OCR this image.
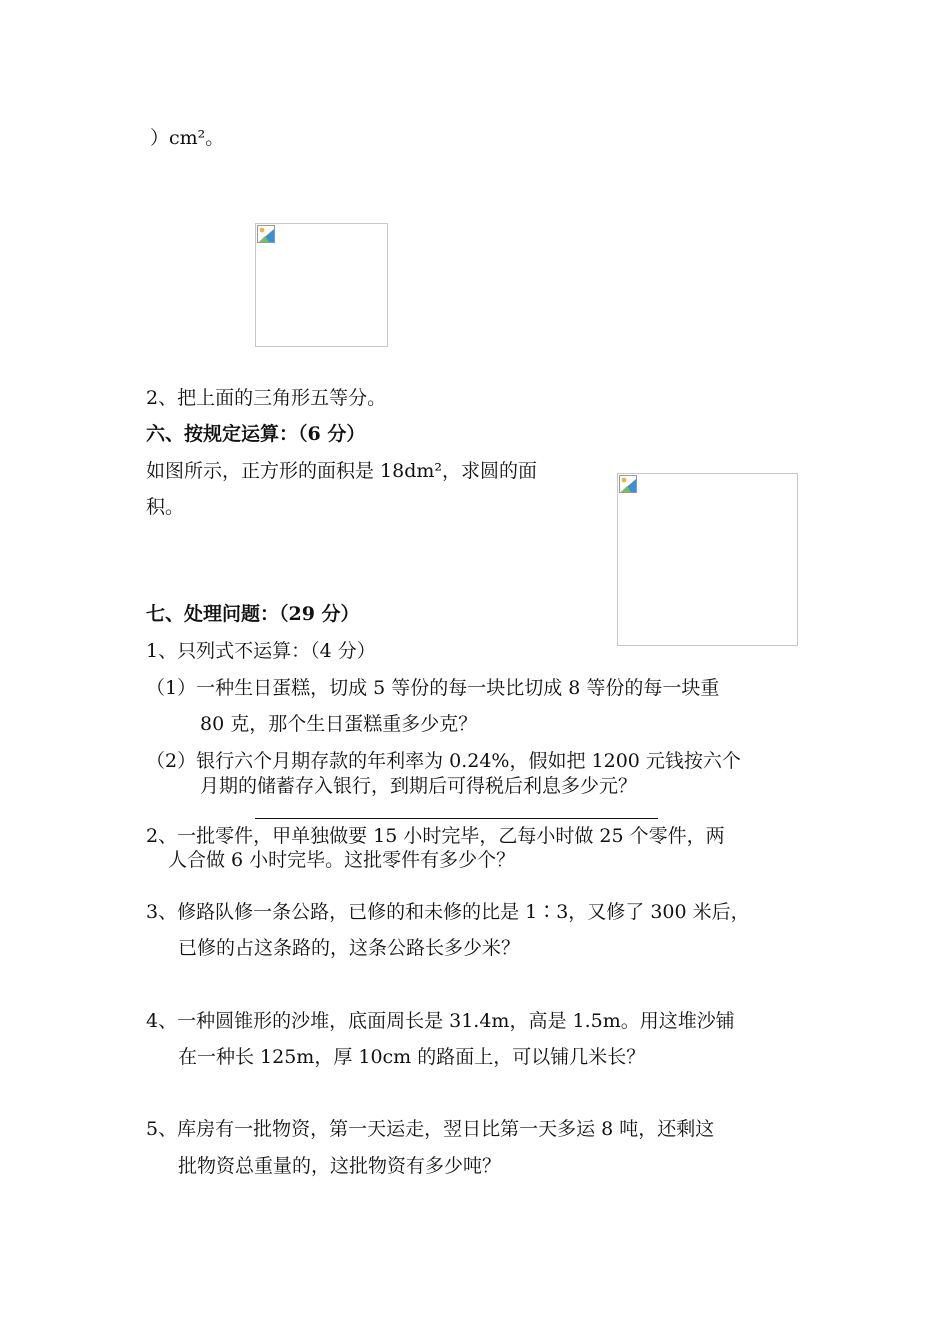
）cm²。
2、把上面的三角形五等分。
六、按规定运算：（6 分）
如图所示，正方形的面积是 18dm²，求圆的面
积。
七、处理问题：（29 分）
1、只列式不运算：（4 分）
（1）一种生日蛋糕，切成 5 等份的每一块比切成 8 等份的每一块重
80 克，那个生日蛋糕重多少克？
（2）银行六个月期存款的年利率为 0.24%，假如把 1200 元钱按六个
月期的储蓄存入银行，到期后可得税后利息多少元？
2、一批零件，甲单独做要 15 小时完毕，乙每小时做 25 个零件，两
人合做 6 小时完毕。这批零件有多少个？
3、修路队修一条公路，已修的和未修的比是 1∶3，又修了 300 米后，
已修的占这条路的，这条公路长多少米？
4、一种圆锥形的沙堆，底面周长是 31.4m，高是 1.5m。用这堆沙铺
在一种长 125m，厚 10cm 的路面上，可以铺几米长？
5、库房有一批物资，第一天运走，翌日比第一天多运 8 吨，还剩这
批物资总重量的，这批物资有多少吨？
